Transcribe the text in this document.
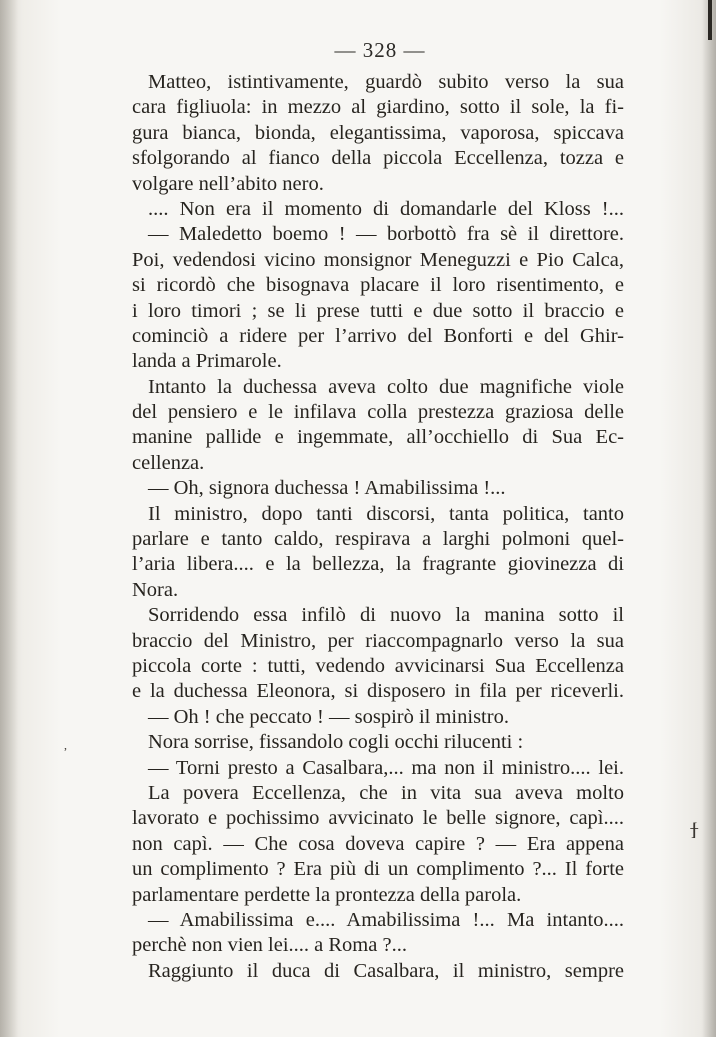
— 328 —
Matteo, istintivamente, guardò subito verso la sua
cara figliuola: in mezzo al giardino, sotto il sole, la fi-
gura bianca, bionda, elegantissima, vaporosa, spiccava
sfolgorando al fianco della piccola Eccellenza, tozza e
volgare nell’abito nero.
.... Non era il momento di domandarle del Kloss !...
— Maledetto boemo ! — borbottò fra sè il direttore.
Poi, vedendosi vicino monsignor Meneguzzi e Pio Calca,
si ricordò che bisognava placare il loro risentimento, e
i loro timori ; se li prese tutti e due sotto il braccio e
cominciò a ridere per l’arrivo del Bonforti e del Ghir-
landa a Primarole.
Intanto la duchessa aveva colto due magnifiche viole
del pensiero e le infilava colla prestezza graziosa delle
manine pallide e ingemmate, all’occhiello di Sua Ec-
cellenza.
— Oh, signora duchessa ! Amabilissima !...
Il ministro, dopo tanti discorsi, tanta politica, tanto
parlare e tanto caldo, respirava a larghi polmoni quel-
l’aria libera.... e la bellezza, la fragrante giovinezza di
Nora.
Sorridendo essa infilò di nuovo la manina sotto il
braccio del Ministro, per riaccompagnarlo verso la sua
piccola corte : tutti, vedendo avvicinarsi Sua Eccellenza
e la duchessa Eleonora, si disposero in fila per riceverli.
— Oh ! che peccato ! — sospirò il ministro.
Nora sorrise, fissandolo cogli occhi rilucenti :
— Torni presto a Casalbara,... ma non il ministro.... lei.
La povera Eccellenza, che in vita sua aveva molto
lavorato e pochissimo avvicinato le belle signore, capì....
non capì. — Che cosa doveva capire ? — Era appena
un complimento ? Era più di un complimento ?... Il forte
parlamentare perdette la prontezza della parola.
— Amabilissima e.... Amabilissima !... Ma intanto....
perchè non vien lei.... a Roma ?...
Raggiunto il duca di Casalbara, il ministro, sempre
ϯ
,
